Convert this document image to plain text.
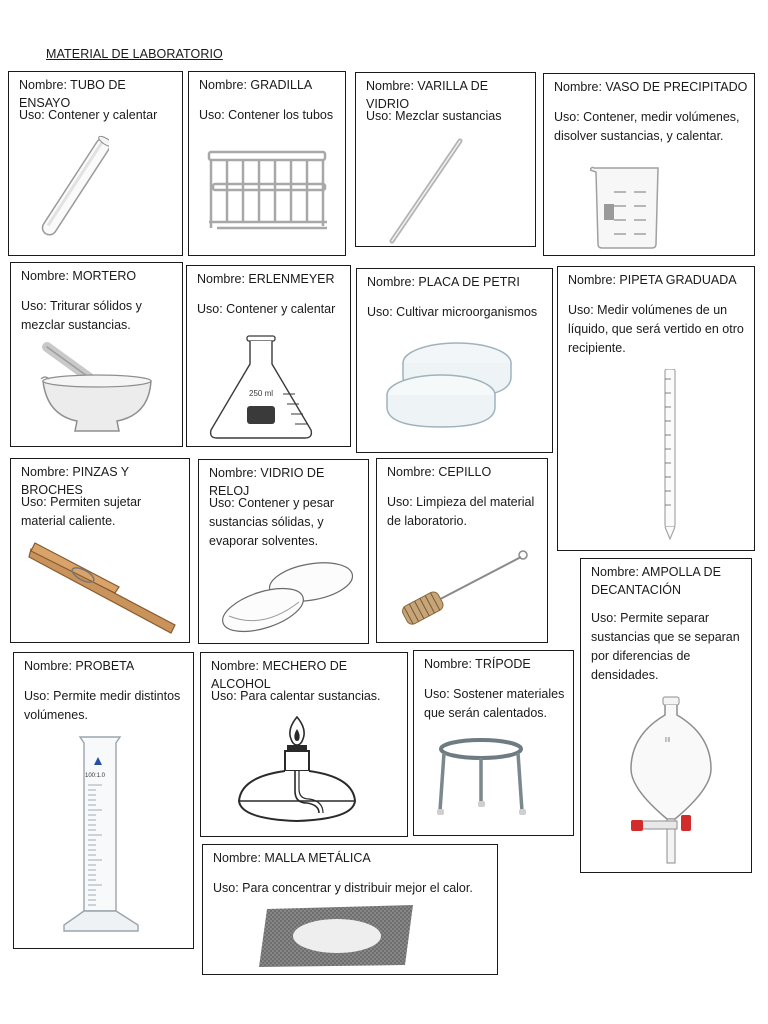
MATERIAL DE LABORATORIO
Nombre: TUBO DE ENSAYO
Uso: Contener y calentar
Nombre: GRADILLA
Uso: Contener los tubos
Nombre: VARILLA DE VIDRIO
Uso: Mezclar sustancias
Nombre: VASO DE PRECIPITADO
Uso: Contener, medir volúmenes, disolver sustancias, y calentar.
Nombre: MORTERO
Uso: Triturar sólidos y mezclar sustancias.
Nombre: ERLENMEYER
Uso: Contener y calentar
250 ml
Nombre: PLACA DE PETRI
Uso: Cultivar microorganismos
Nombre: PIPETA GRADUADA
Uso: Medir volúmenes de un líquido, que será vertido en otro recipiente.
Nombre: PINZAS Y BROCHES
Uso: Permiten sujetar material caliente.
Nombre: VIDRIO DE RELOJ
Uso: Contener y pesar sustancias sólidas, y evaporar solventes.
Nombre: CEPILLO
Uso: Limpieza del material de laboratorio.
Nombre: AMPOLLA DE DECANTACIÓN
Uso: Permite separar sustancias que se separan por diferencias de densidades.
||||
Nombre: PROBETA
Uso: Permite medir distintos volúmenes.
100:1.0
Nombre: MECHERO DE ALCOHOL
Uso: Para calentar sustancias.
Nombre: TRÍPODE
Uso: Sostener materiales que serán calentados.
Nombre: MALLA METÁLICA
Uso: Para concentrar y distribuir mejor el calor.
